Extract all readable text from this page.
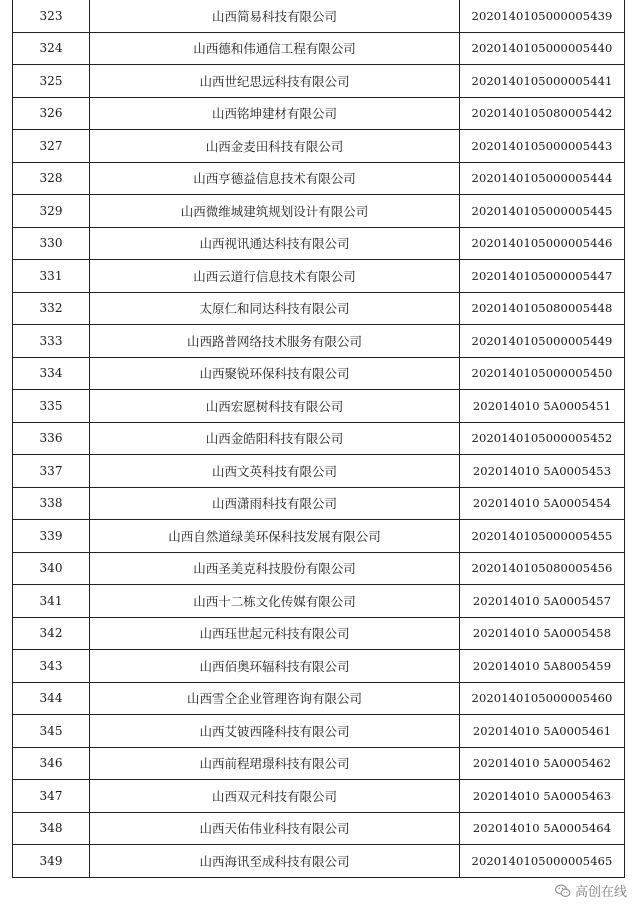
323	山西简易科技有限公司	2020140105000005439
324	山西德和伟通信工程有限公司	2020140105000005440
325	山西世纪思远科技有限公司	2020140105000005441
326	山西铭坤建材有限公司	2020140105080005442
327	山西金麦田科技有限公司	2020140105000005443
328	山西亨德益信息技术有限公司	2020140105000005444
329	山西微维城建筑规划设计有限公司	2020140105000005445
330	山西视讯通达科技有限公司	2020140105000005446
331	山西云道行信息技术有限公司	2020140105000005447
332	太原仁和同达科技有限公司	2020140105080005448
333	山西路普网络技术服务有限公司	2020140105000005449
334	山西聚锐环保科技有限公司	2020140105000005450
335	山西宏愿树科技有限公司	202014010 5A0005451
336	山西金皓阳科技有限公司	2020140105000005452
337	山西文英科技有限公司	202014010 5A0005453
338	山西潇雨科技有限公司	202014010 5A0005454
339	山西自然道绿美环保科技发展有限公司	2020140105000005455
340	山西圣美克科技股份有限公司	2020140105080005456
341	山西十二栋文化传媒有限公司	202014010 5A0005457
342	山西珏世起元科技有限公司	202014010 5A0005458
343	山西佰奥环辐科技有限公司	202014010 5A8005459
344	山西雪仝企业管理咨询有限公司	2020140105000005460
345	山西艾铍西隆科技有限公司	202014010 5A0005461
346	山西前程珺璟科技有限公司	202014010 5A0005462
347	山西双元科技有限公司	202014010 5A0005463
348	山西天佑伟业科技有限公司	202014010 5A0005464
349	山西海讯至成科技有限公司	2020140105000005465
高创在线
